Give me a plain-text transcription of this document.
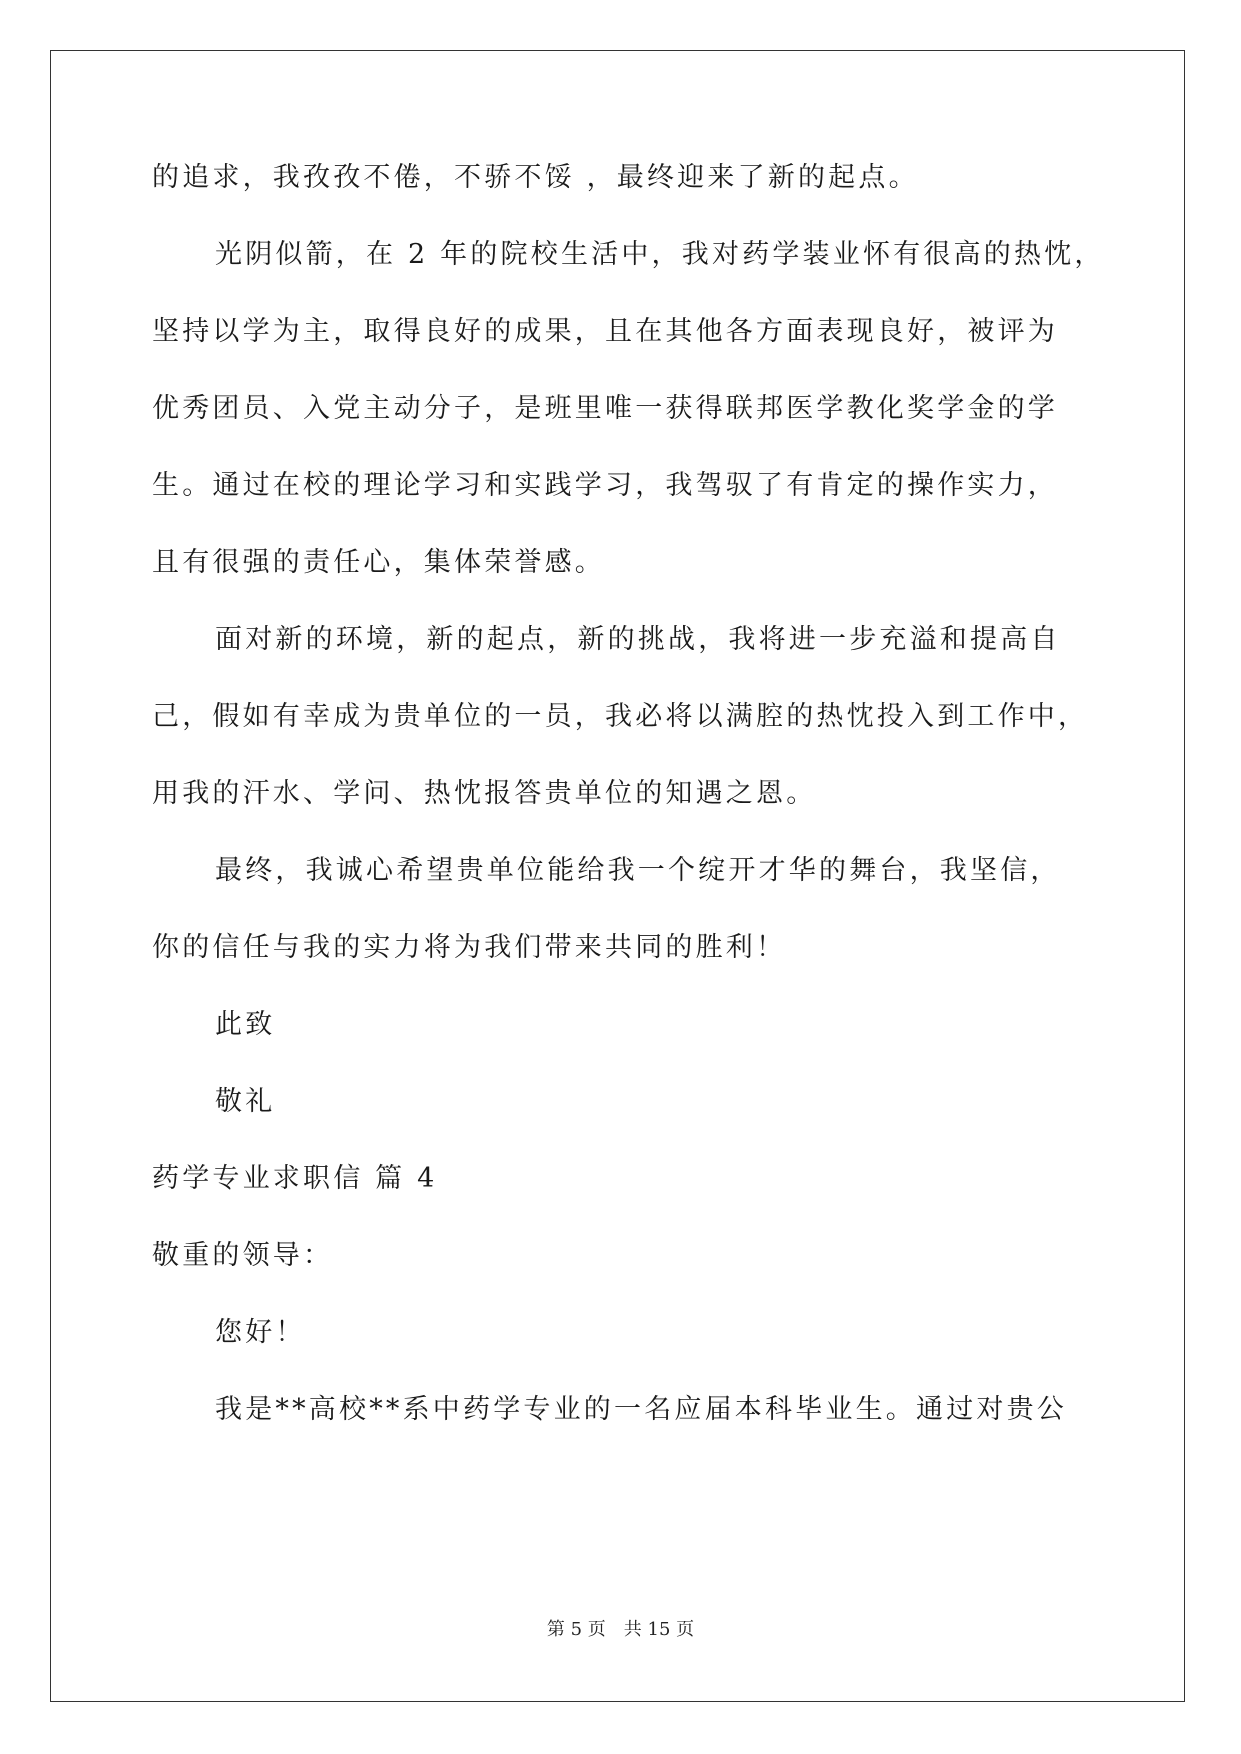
的追求，我孜孜不倦，不骄不馁 ，最终迎来了新的起点。
光阴似箭，在 2 年的院校生活中，我对药学装业怀有很高的热忱，
坚持以学为主，取得良好的成果，且在其他各方面表现良好，被评为
优秀团员、入党主动分子，是班里唯一获得联邦医学教化奖学金的学
生。通过在校的理论学习和实践学习，我驾驭了有肯定的操作实力，
且有很强的责任心，集体荣誉感。
面对新的环境，新的起点，新的挑战，我将进一步充溢和提高自
己，假如有幸成为贵单位的一员，我必将以满腔的热忱投入到工作中，
用我的汗水、学问、热忱报答贵单位的知遇之恩。
最终，我诚心希望贵单位能给我一个绽开才华的舞台，我坚信，
你的信任与我的实力将为我们带来共同的胜利！
此致
敬礼
药学专业求职信 篇 4
敬重的领导：
您好！
我是**高校**系中药学专业的一名应届本科毕业生。通过对贵公
第 5 页 共 15 页
